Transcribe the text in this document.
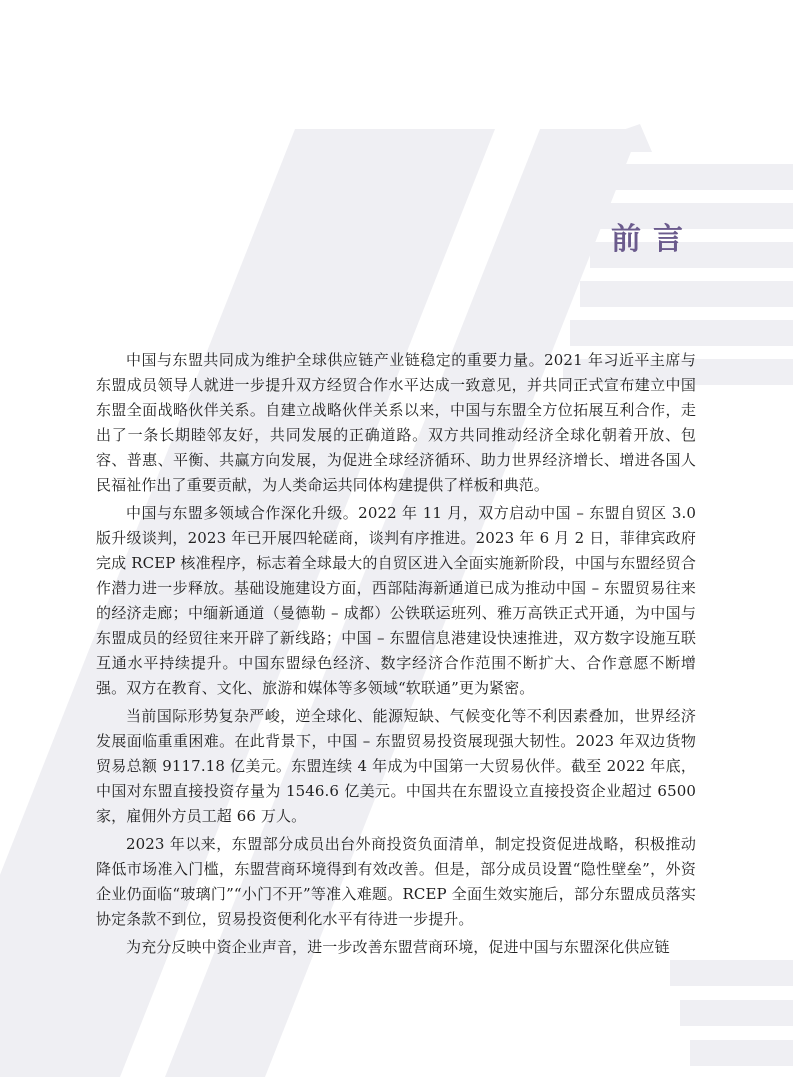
前言

中国与东盟共同成为维护全球供应链产业链稳定的重要力量。2021 年习近平主席与东盟成员领导人就进一步提升双方经贸合作水平达成一致意见，并共同正式宣布建立中国东盟全面战略伙伴关系。自建立战略伙伴关系以来，中国与东盟全方位拓展互利合作，走出了一条长期睦邻友好，共同发展的正确道路。双方共同推动经济全球化朝着开放、包容、普惠、平衡、共赢方向发展，为促进全球经济循环、助力世界经济增长、增进各国人民福祉作出了重要贡献，为人类命运共同体构建提供了样板和典范。

中国与东盟多领域合作深化升级。2022 年 11 月，双方启动中国 – 东盟自贸区 3.0 版升级谈判，2023 年已开展四轮磋商，谈判有序推进。2023 年 6 月 2 日，菲律宾政府完成 RCEP 核准程序，标志着全球最大的自贸区进入全面实施新阶段，中国与东盟经贸合作潜力进一步释放。基础设施建设方面，西部陆海新通道已成为推动中国 – 东盟贸易往来的经济走廊；中缅新通道（曼德勒 – 成都）公铁联运班列、雅万高铁正式开通，为中国与东盟成员的经贸往来开辟了新线路；中国 – 东盟信息港建设快速推进，双方数字设施互联互通水平持续提升。中国东盟绿色经济、数字经济合作范围不断扩大、合作意愿不断增强。双方在教育、文化、旅游和媒体等多领域“软联通”更为紧密。

当前国际形势复杂严峻，逆全球化、能源短缺、气候变化等不利因素叠加，世界经济发展面临重重困难。在此背景下，中国 – 东盟贸易投资展现强大韧性。2023 年双边货物贸易总额 9117.18 亿美元。东盟连续 4 年成为中国第一大贸易伙伴。截至 2022 年底，中国对东盟直接投资存量为 1546.6 亿美元。中国共在东盟设立直接投资企业超过 6500 家，雇佣外方员工超 66 万人。

2023 年以来，东盟部分成员出台外商投资负面清单，制定投资促进战略，积极推动降低市场准入门槛，东盟营商环境得到有效改善。但是，部分成员设置“隐性壁垒”，外资企业仍面临“玻璃门”“小门不开”等准入难题。RCEP 全面生效实施后，部分东盟成员落实协定条款不到位，贸易投资便利化水平有待进一步提升。

为充分反映中资企业声音，进一步改善东盟营商环境，促进中国与东盟深化供应链
